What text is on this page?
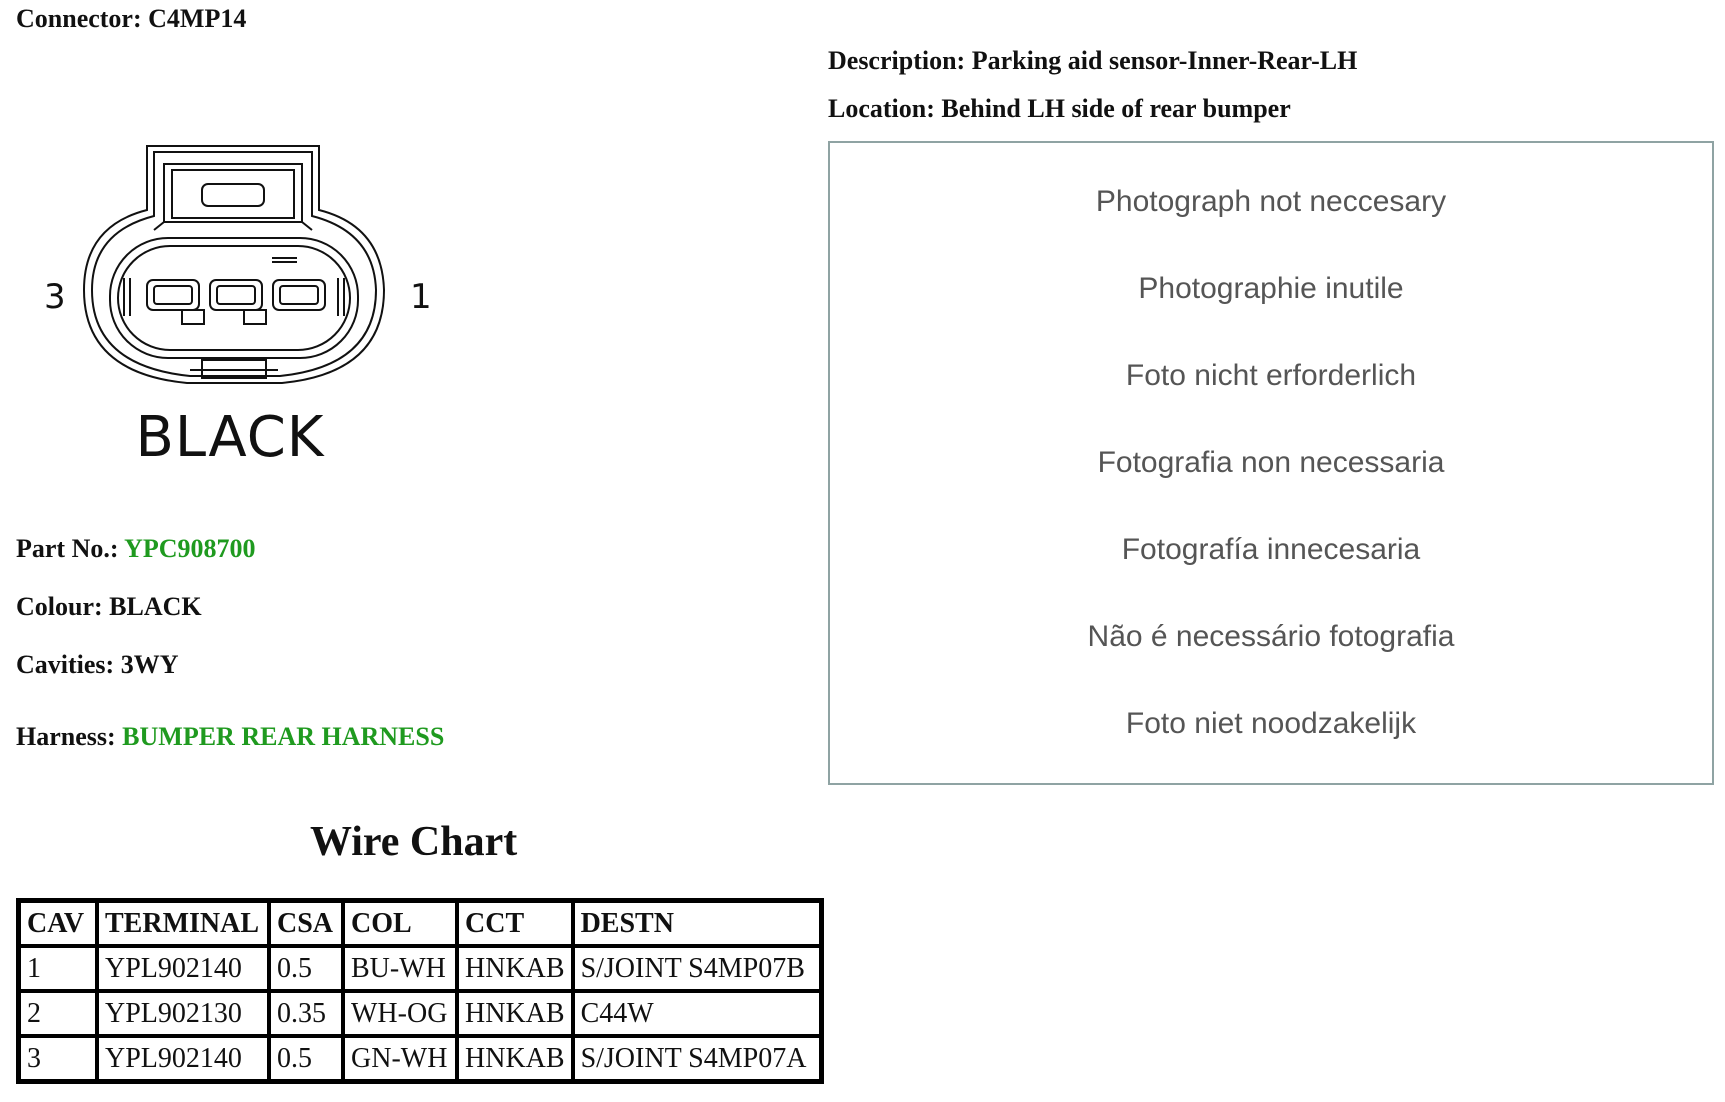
Connector: C4MP14
Description: Parking aid sensor-Inner-Rear-LH
Location: Behind LH side of rear bumper
3	1
BLACK
Part No.: YPC908700
Colour: BLACK
Cavities: 3WY
Harness: BUMPER REAR HARNESS
Photograph not neccesary
Photographie inutile
Foto nicht erforderlich
Fotografia non necessaria
Fotografía innecesaria
Não é necessário fotografia
Foto niet noodzakelijk
Wire Chart
CAV	TERMINAL	CSA	COL	CCT	DESTN
1	YPL902140	0.5	BU-WH	HNKAB	S/JOINT S4MP07B
2	YPL902130	0.35	WH-OG	HNKAB	C44W
3	YPL902140	0.5	GN-WH	HNKAB	S/JOINT S4MP07A
